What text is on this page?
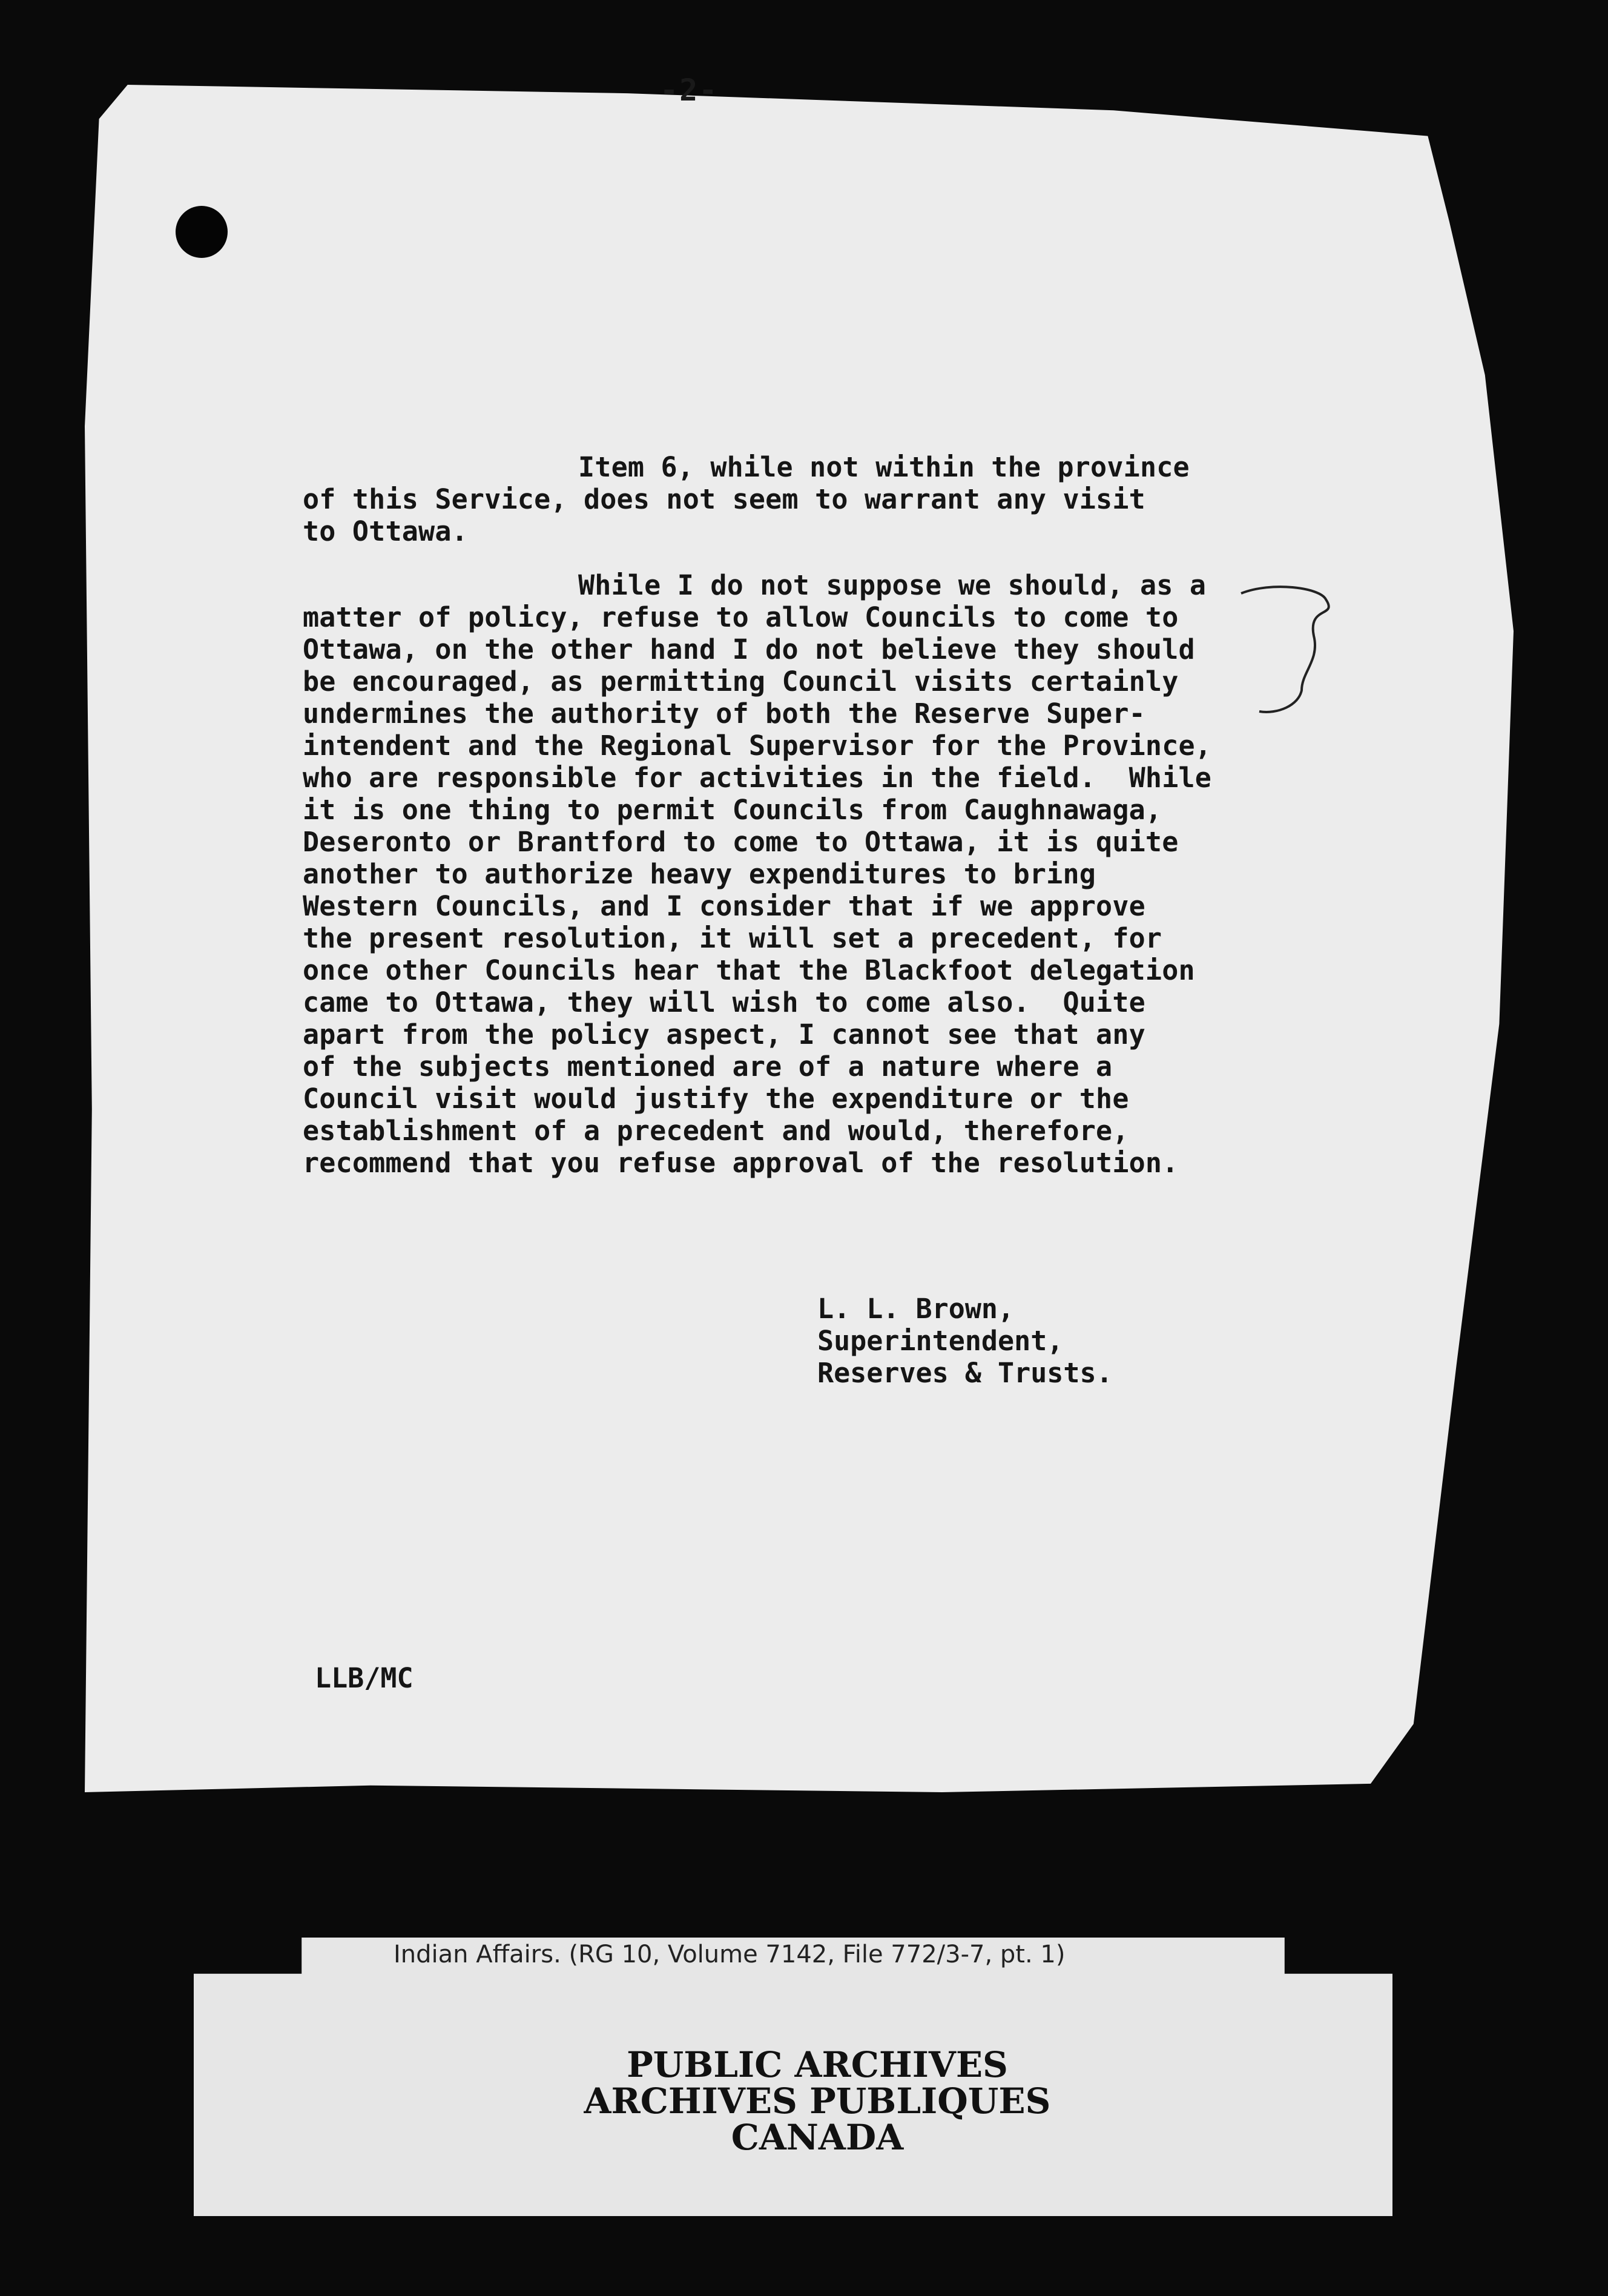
-2-
Item 6, while not within the province
of this Service, does not seem to warrant any visit
to Ottawa.
While I do not suppose we should, as a
matter of policy, refuse to allow Councils to come to
Ottawa, on the other hand I do not believe they should
be encouraged, as permitting Council visits certainly
undermines the authority of both the Reserve Super-
intendent and the Regional Supervisor for the Province,
who are responsible for activities in the field.  While
it is one thing to permit Councils from Caughnawaga,
Deseronto or Brantford to come to Ottawa, it is quite
another to authorize heavy expenditures to bring
Western Councils, and I consider that if we approve
the present resolution, it will set a precedent, for
once other Councils hear that the Blackfoot delegation
came to Ottawa, they will wish to come also.  Quite
apart from the policy aspect, I cannot see that any
of the subjects mentioned are of a nature where a
Council visit would justify the expenditure or the
establishment of a precedent and would, therefore,
recommend that you refuse approval of the resolution.
L. L. Brown,
Superintendent,
Reserves & Trusts.
LLB/MC
Indian Affairs. (RG 10, Volume 7142, File 772/3-7, pt. 1)
PUBLIC ARCHIVES
ARCHIVES PUBLIQUES
CANADA
